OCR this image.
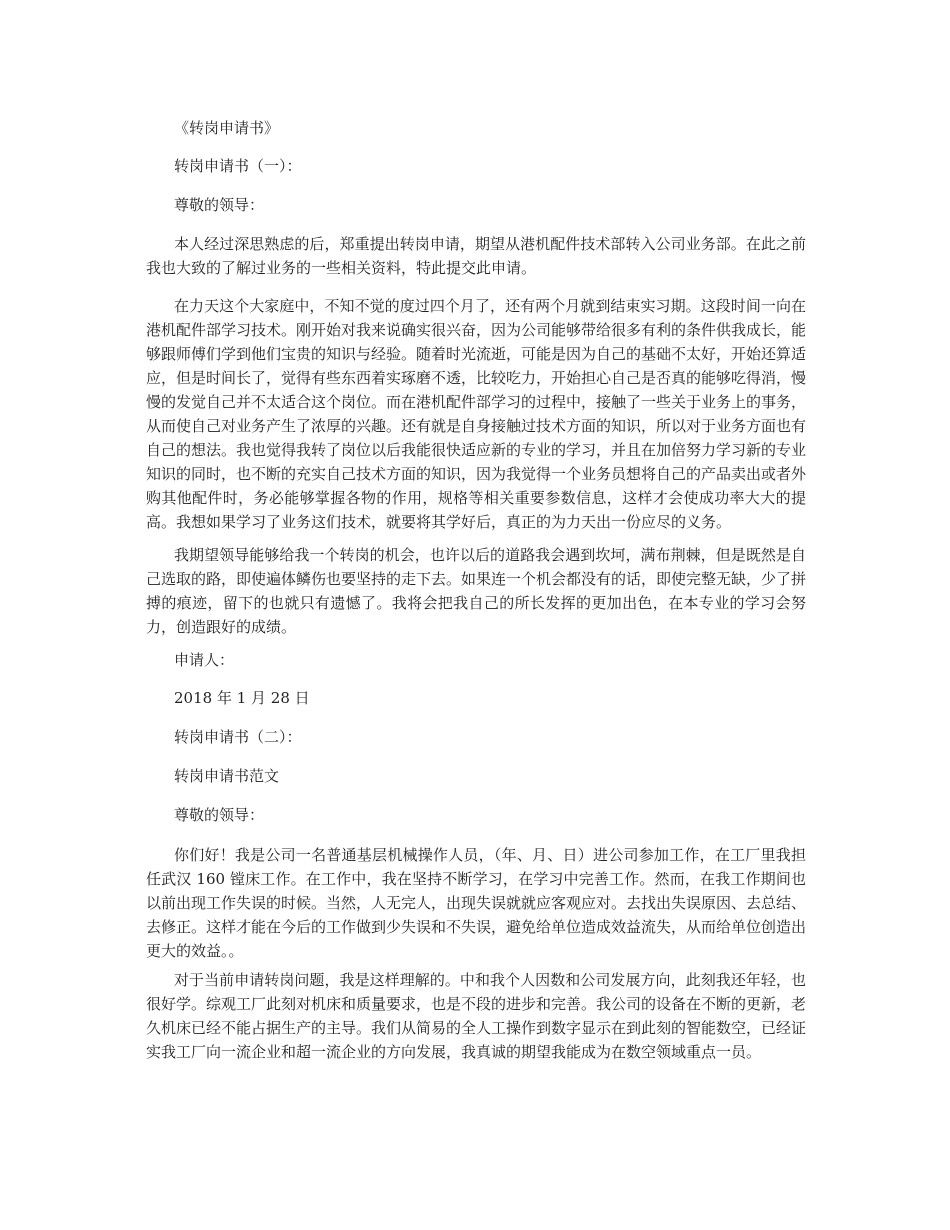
《转岗申请书》
转岗申请书（一）：
尊敬的领导：

本人经过深思熟虑的后，郑重提出转岗申请，期望从港机配件技术部转入公司业务部。在此之前我也大致的了解过业务的一些相关资料，特此提交此申请。

在力天这个大家庭中，不知不觉的度过四个月了，还有两个月就到结束实习期。这段时间一向在港机配件部学习技术。刚开始对我来说确实很兴奋，因为公司能够带给很多有利的条件供我成长，能够跟师傅们学到他们宝贵的知识与经验。随着时光流逝，可能是因为自己的基础不太好，开始还算适应，但是时间长了，觉得有些东西着实琢磨不透，比较吃力，开始担心自己是否真的能够吃得消，慢慢的发觉自己并不太适合这个岗位。而在港机配件部学习的过程中，接触了一些关于业务上的事务，从而使自己对业务产生了浓厚的兴趣。还有就是自身接触过技术方面的知识，所以对于业务方面也有自己的想法。我也觉得我转了岗位以后我能很快适应新的专业的学习，并且在加倍努力学习新的专业知识的同时，也不断的充实自己技术方面的知识，因为我觉得一个业务员想将自己的产品卖出或者外购其他配件时，务必能够掌握各物的作用，规格等相关重要参数信息，这样才会使成功率大大的提高。我想如果学习了业务这们技术，就要将其学好后，真正的为力天出一份应尽的义务。

我期望领导能够给我一个转岗的机会，也许以后的道路我会遇到坎坷，满布荆棘，但是既然是自己选取的路，即使遍体鳞伤也要坚持的走下去。如果连一个机会都没有的话，即使完整无缺，少了拼搏的痕迹，留下的也就只有遗憾了。我将会把我自己的所长发挥的更加出色，在本专业的学习会努力，创造跟好的成绩。

申请人：
2018 年 1 月 28 日
转岗申请书（二）：
转岗申请书范文
尊敬的领导：

你们好！我是公司一名普通基层机械操作人员，（年、月、日）进公司参加工作，在工厂里我担任武汉 160 镗床工作。在工作中，我在坚持不断学习，在学习中完善工作。然而，在我工作期间也以前出现工作失误的时候。当然，人无完人，出现失误就就应客观应对。去找出失误原因、去总结、去修正。这样才能在今后的工作做到少失误和不失误，避免给单位造成效益流失，从而给单位创造出更大的效益。。

对于当前申请转岗问题，我是这样理解的。中和我个人因数和公司发展方向，此刻我还年轻，也很好学。综观工厂此刻对机床和质量要求，也是不段的进步和完善。我公司的设备在不断的更新，老久机床已经不能占据生产的主导。我们从简易的全人工操作到数字显示在到此刻的智能数空，已经证实我工厂向一流企业和超一流企业的方向发展，我真诚的期望我能成为在数空领域重点一员。
